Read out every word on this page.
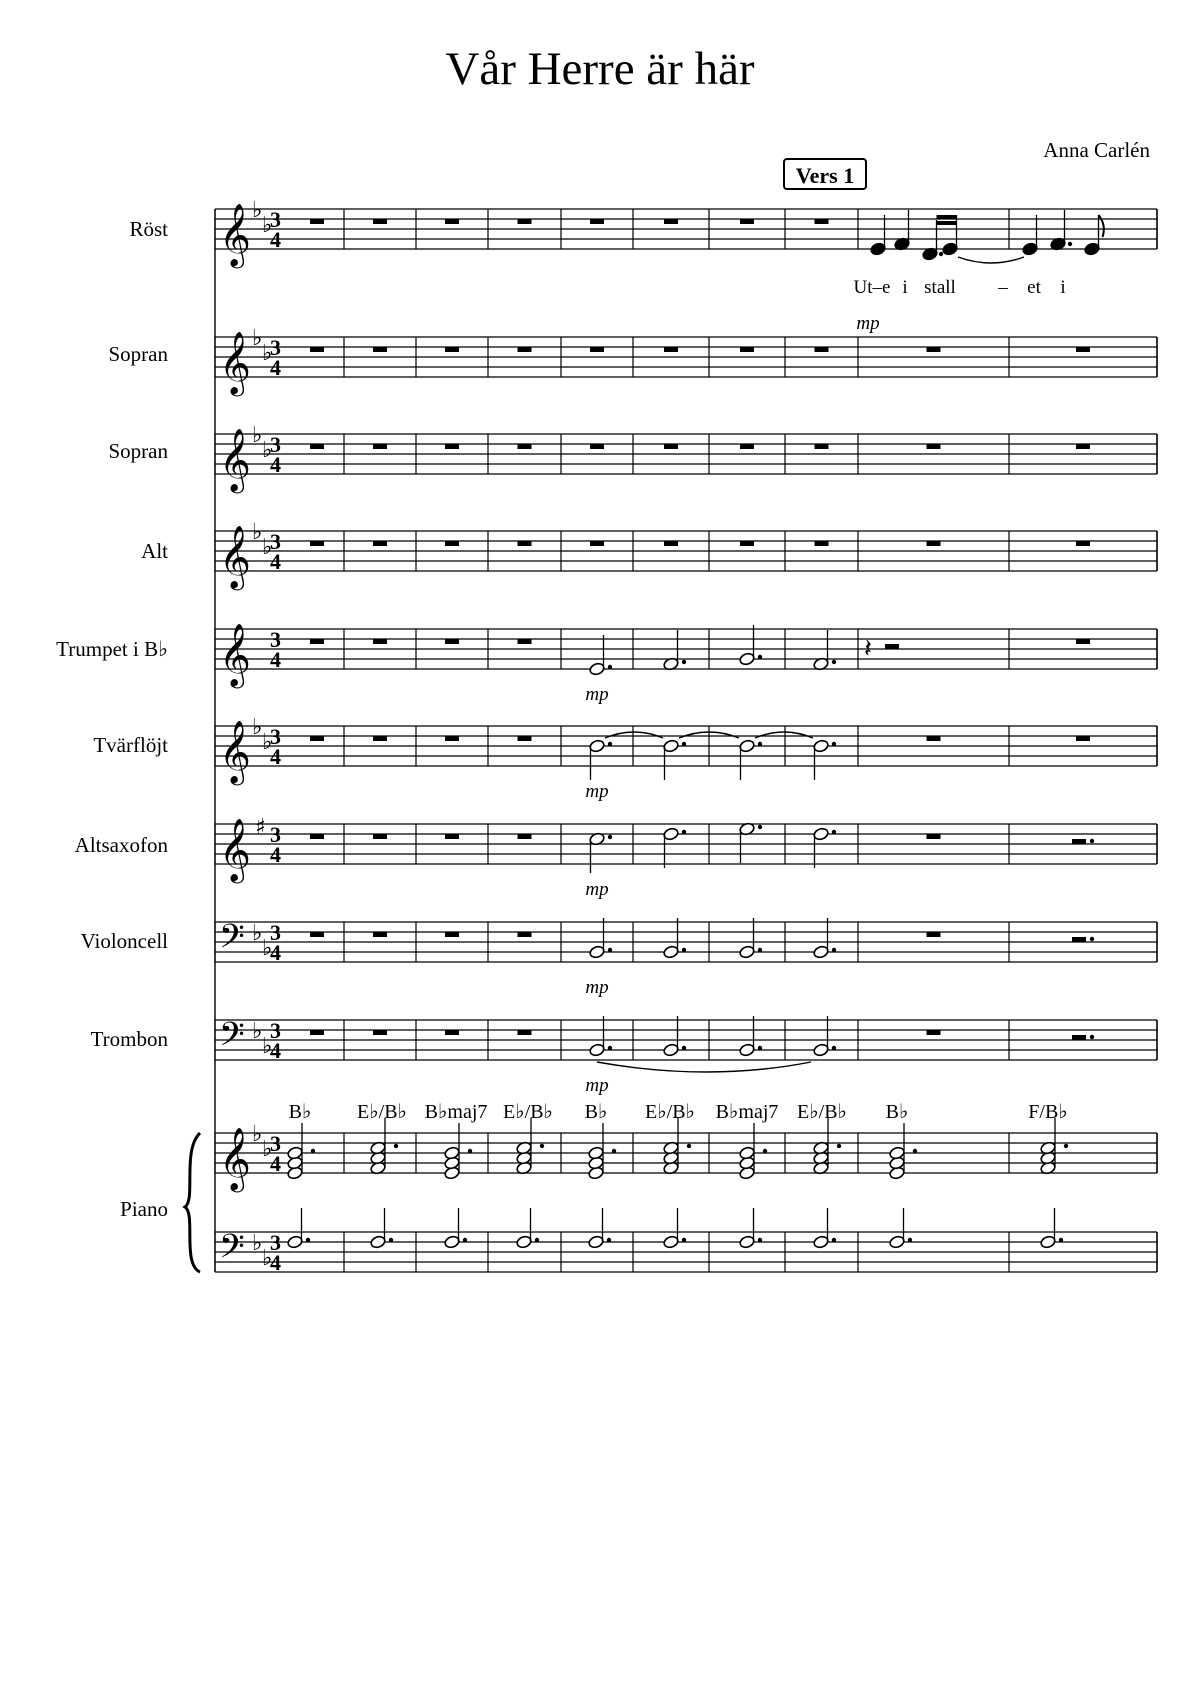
Vår Herre är här
Anna Carlén
Röst
Sopran
Sopran
Alt
Trumpet i B♭
Tvärflöjt
Altsaxofon
Violoncell
Trombon
Piano
𝄞 ♭
♭
3
4
𝄞 ♭
♭
3
4
𝄞 ♭
♭
3
4
𝄞 ♭
♭
3
4
𝄞 3
4
𝄞 ♭
♭
3
4
𝄞 ♯ 3
4
𝄢 ♭
♭
3
4
𝄢 ♭
♭
3
4
𝄞 ♭
♭
3
4
𝄢 ♭
♭
3
4
𝄽
mp
mp
mp
mp
mp
mp
Ut–e i stall – et i
B♭ E♭/B♭ B♭maj7 E♭/B♭ B♭ E♭/B♭ B♭maj7 E♭/B♭ B♭	F/B♭
Vers 1
